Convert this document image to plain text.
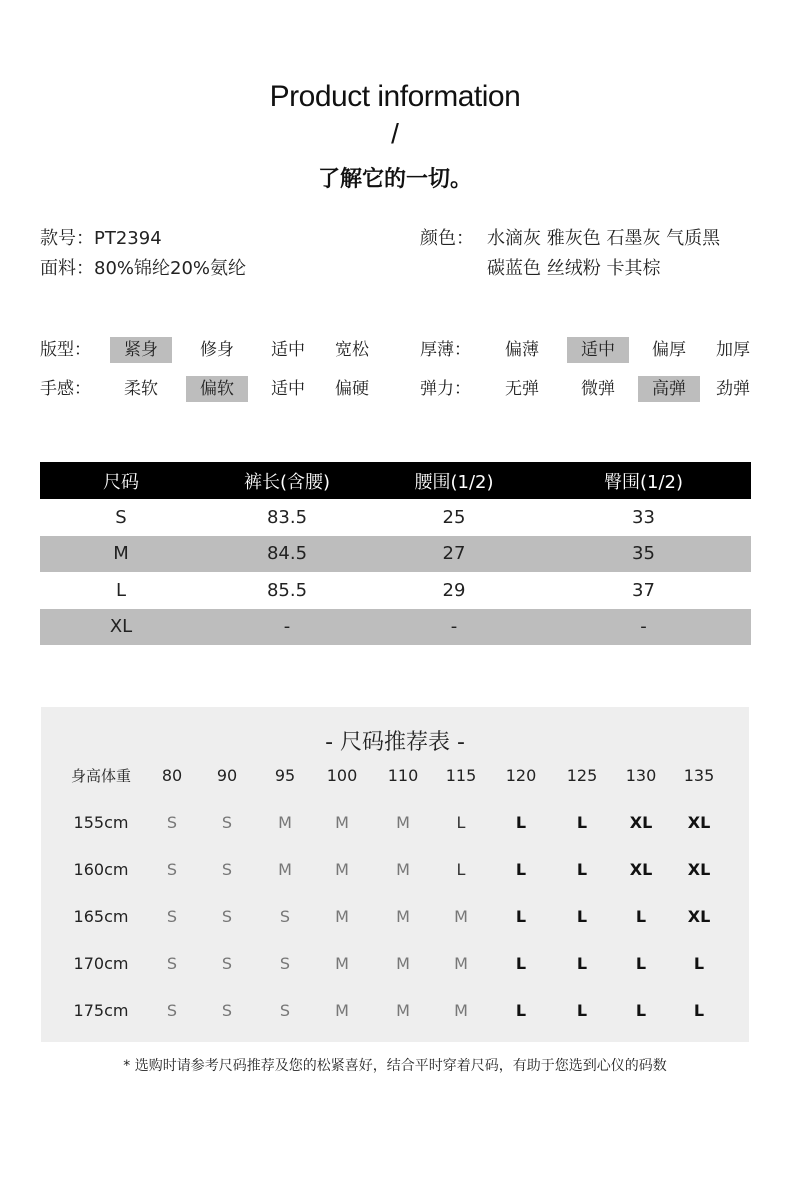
Product information
/
了解它的一切。
款号：PT2394
面料：80%锦纶20%氨纶
颜色： 水滴灰 雅灰色 石墨灰 气质黑
碳蓝色 丝绒粉 卡其棕
版型：	紧身	修身	适中	宽松	厚薄：	偏薄	适中	偏厚	加厚
手感：	柔软	偏软	适中	偏硬	弹力：	无弹	微弹	高弹	劲弹
尺码	裤长(含腰)	腰围(1/2)	臀围(1/2)
S	83.5	25	33
M	84.5	27	35
L	85.5	29	37
XL	-	-	-
- 尺码推荐表 -
身高体重	80	90	95	100	110	115	120	125	130	135
155cm	S	S	M	M	M	L	L	L	XL	XL
160cm	S	S	M	M	M	L	L	L	XL	XL
165cm	S	S	S	M	M	M	L	L	L	XL
170cm	S	S	S	M	M	M	L	L	L	L
175cm	S	S	S	M	M	M	L	L	L	L
* 选购时请参考尺码推荐及您的松紧喜好，结合平时穿着尺码，有助于您选到心仪的码数
